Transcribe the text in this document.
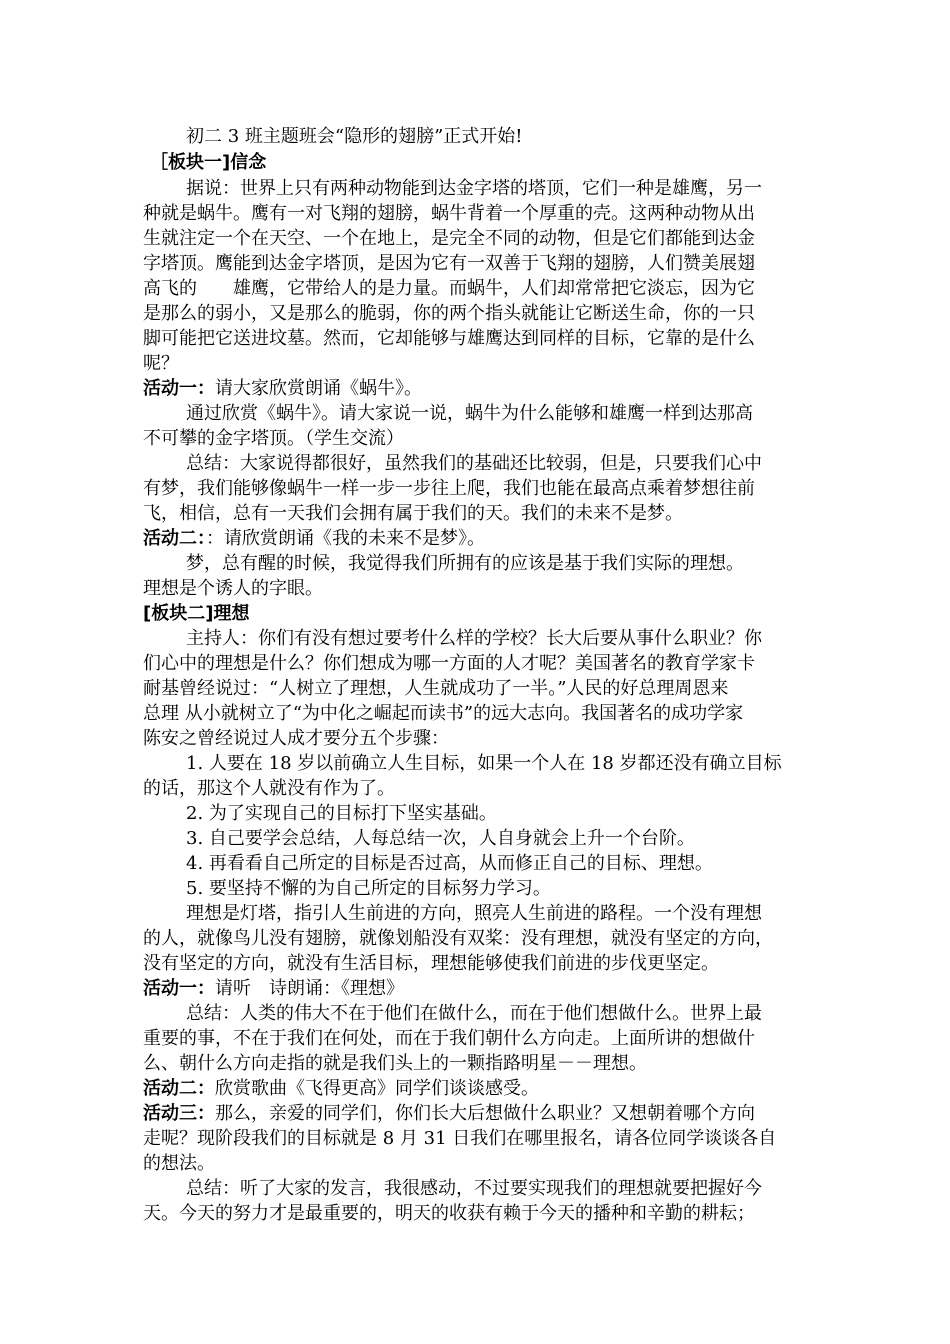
初二 3 班主题班会“隐形的翅膀”正式开始!
［板块一]信念
据说：世界上只有两种动物能到达金字塔的塔顶，它们一种是雄鹰，另一
种就是蜗牛。鹰有一对飞翔的翅膀，蜗牛背着一个厚重的壳。这两种动物从出
生就注定一个在天空、一个在地上，是完全不同的动物，但是它们都能到达金
字塔顶。鹰能到达金字塔顶，是因为它有一双善于飞翔的翅膀，人们赞美展翅
高飞的　　雄鹰，它带给人的是力量。而蜗牛，人们却常常把它淡忘，因为它
是那么的弱小，又是那么的脆弱，你的两个指头就能让它断送生命，你的一只
脚可能把它送进坟墓。然而，它却能够与雄鹰达到同样的目标，它靠的是什么
呢？
活动一：请大家欣赏朗诵《蜗牛》。
通过欣赏《蜗牛》。请大家说一说，蜗牛为什么能够和雄鹰一样到达那高
不可攀的金字塔顶。（学生交流）
总结：大家说得都很好，虽然我们的基础还比较弱，但是，只要我们心中
有梦，我们能够像蜗牛一样一步一步往上爬，我们也能在最高点乘着梦想往前
飞，相信，总有一天我们会拥有属于我们的天。我们的未来不是梦。
活动二：：请欣赏朗诵《我的未来不是梦》。
梦，总有醒的时候，我觉得我们所拥有的应该是基于我们实际的理想。
理想是个诱人的字眼。
[板块二]理想
主持人：你们有没有想过要考什么样的学校？长大后要从事什么职业？你
们心中的理想是什么？你们想成为哪一方面的人才呢？美国著名的教育学家卡
耐基曾经说过：“人树立了理想，人生就成功了一半。”人民的好总理周恩来
总理 从小就树立了“为中化之崛起而读书”的远大志向。我国著名的成功学家
陈安之曾经说过人成才要分五个步骤：
1. 人要在 18 岁以前确立人生目标，如果一个人在 18 岁都还没有确立目标
的话，那这个人就没有作为了。
2. 为了实现自己的目标打下坚实基础。
3. 自己要学会总结，人每总结一次，人自身就会上升一个台阶。
4. 再看看自己所定的目标是否过高，从而修正自己的目标、理想。
5. 要坚持不懈的为自己所定的目标努力学习。
理想是灯塔，指引人生前进的方向，照亮人生前进的路程。一个没有理想
的人，就像鸟儿没有翅膀，就像划船没有双桨：没有理想，就没有坚定的方向，
没有坚定的方向，就没有生活目标，理想能够使我们前进的步伐更坚定。
活动一：请听　诗朗诵：《理想》
总结：人类的伟大不在于他们在做什么，而在于他们想做什么。世界上最
重要的事，不在于我们在何处，而在于我们朝什么方向走。上面所讲的想做什
么、朝什么方向走指的就是我们头上的一颗指路明星－－理想。
活动二：欣赏歌曲《飞得更高》同学们谈谈感受。
活动三：那么，亲爱的同学们，你们长大后想做什么职业？又想朝着哪个方向
走呢？现阶段我们的目标就是 8 月 31 日我们在哪里报名，请各位同学谈谈各自
的想法。
总结：听了大家的发言，我很感动，不过要实现我们的理想就要把握好今
天。今天的努力才是最重要的，明天的收获有赖于今天的播种和辛勤的耕耘；
